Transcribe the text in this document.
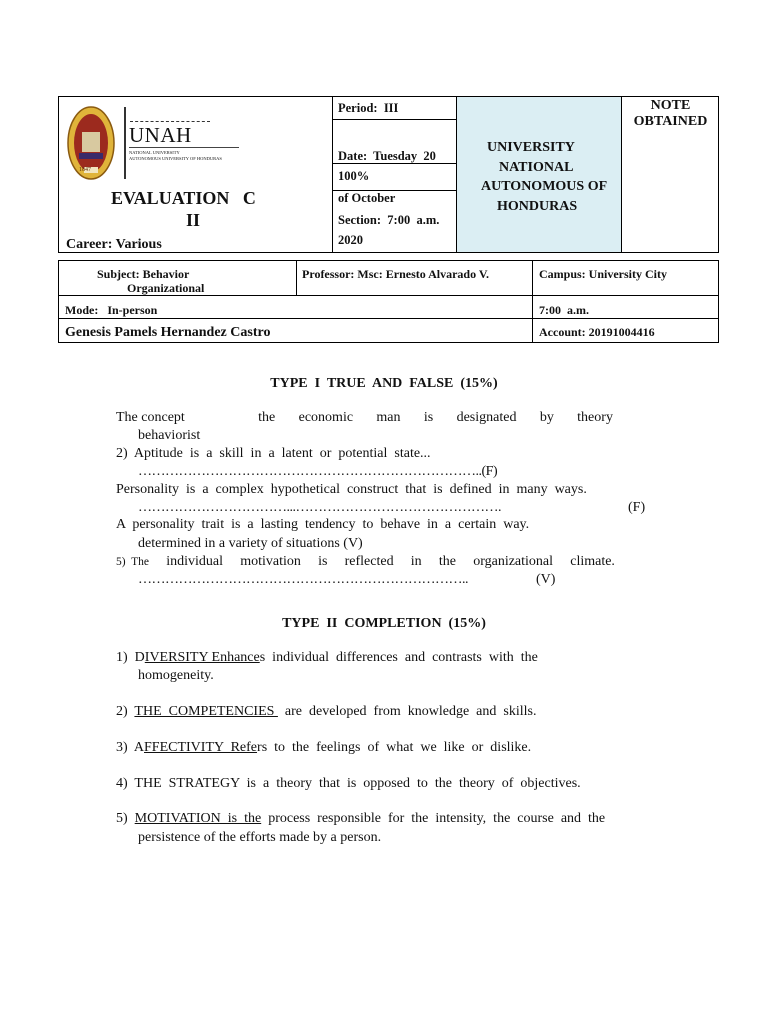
1847
UNAH
NATIONAL UNIVERSITY
AUTONOMOUS UNIVERSITY OF HONDURAS
EVALUATION   C
II
Career: Various
Period:  III

Date:  Tuesday  20

of October

2020

100%
Section:  7:00  a.m.
UNIVERSITY
NATIONAL
AUTONOMOUS OF
HONDURAS
NOTE
OBTAINED
Subject: Behavior
Organizational
Professor: Msc: Ernesto Alvarado V.	Campus: University City
Mode:   In-person	7:00  a.m.
Genesis Pamels Hernandez Castro	Account: 20191004416
TYPE  I  TRUE  AND  FALSE  (15%)
The concept	the economic man is designated by theory
behaviorist
2)  Aptitude  is  a  skill  in  a  latent  or  potential  state...
…………………………………………………………………..(F)
Personality  is  a  complex  hypothetical  construct  that  is  defined  in  many  ways.
……………………………...……………………………………….	(F)
A  personality  trait  is  a  lasting  tendency  to  behave  in  a  certain  way.
determined in a variety of situations (V)
5)  The individual motivation is reflected in the organizational climate.
………………………………………………………………..	(V)
TYPE  II  COMPLETION  (15%)
1)  DIVERSITY Enhances  individual  differences  and  contrasts  with  the
homogeneity.
2)  THE  COMPETENCIES   are  developed  from  knowledge  and  skills.
3)  AFFECTIVITY  Refers  to  the  feelings  of  what  we  like  or  dislike.
4)  THE  STRATEGY  is  a  theory  that  is  opposed  to  the  theory  of  objectives.
5)  MOTIVATION  is  the  process  responsible  for  the  intensity,  the  course  and  the
persistence of the efforts made by a person.
